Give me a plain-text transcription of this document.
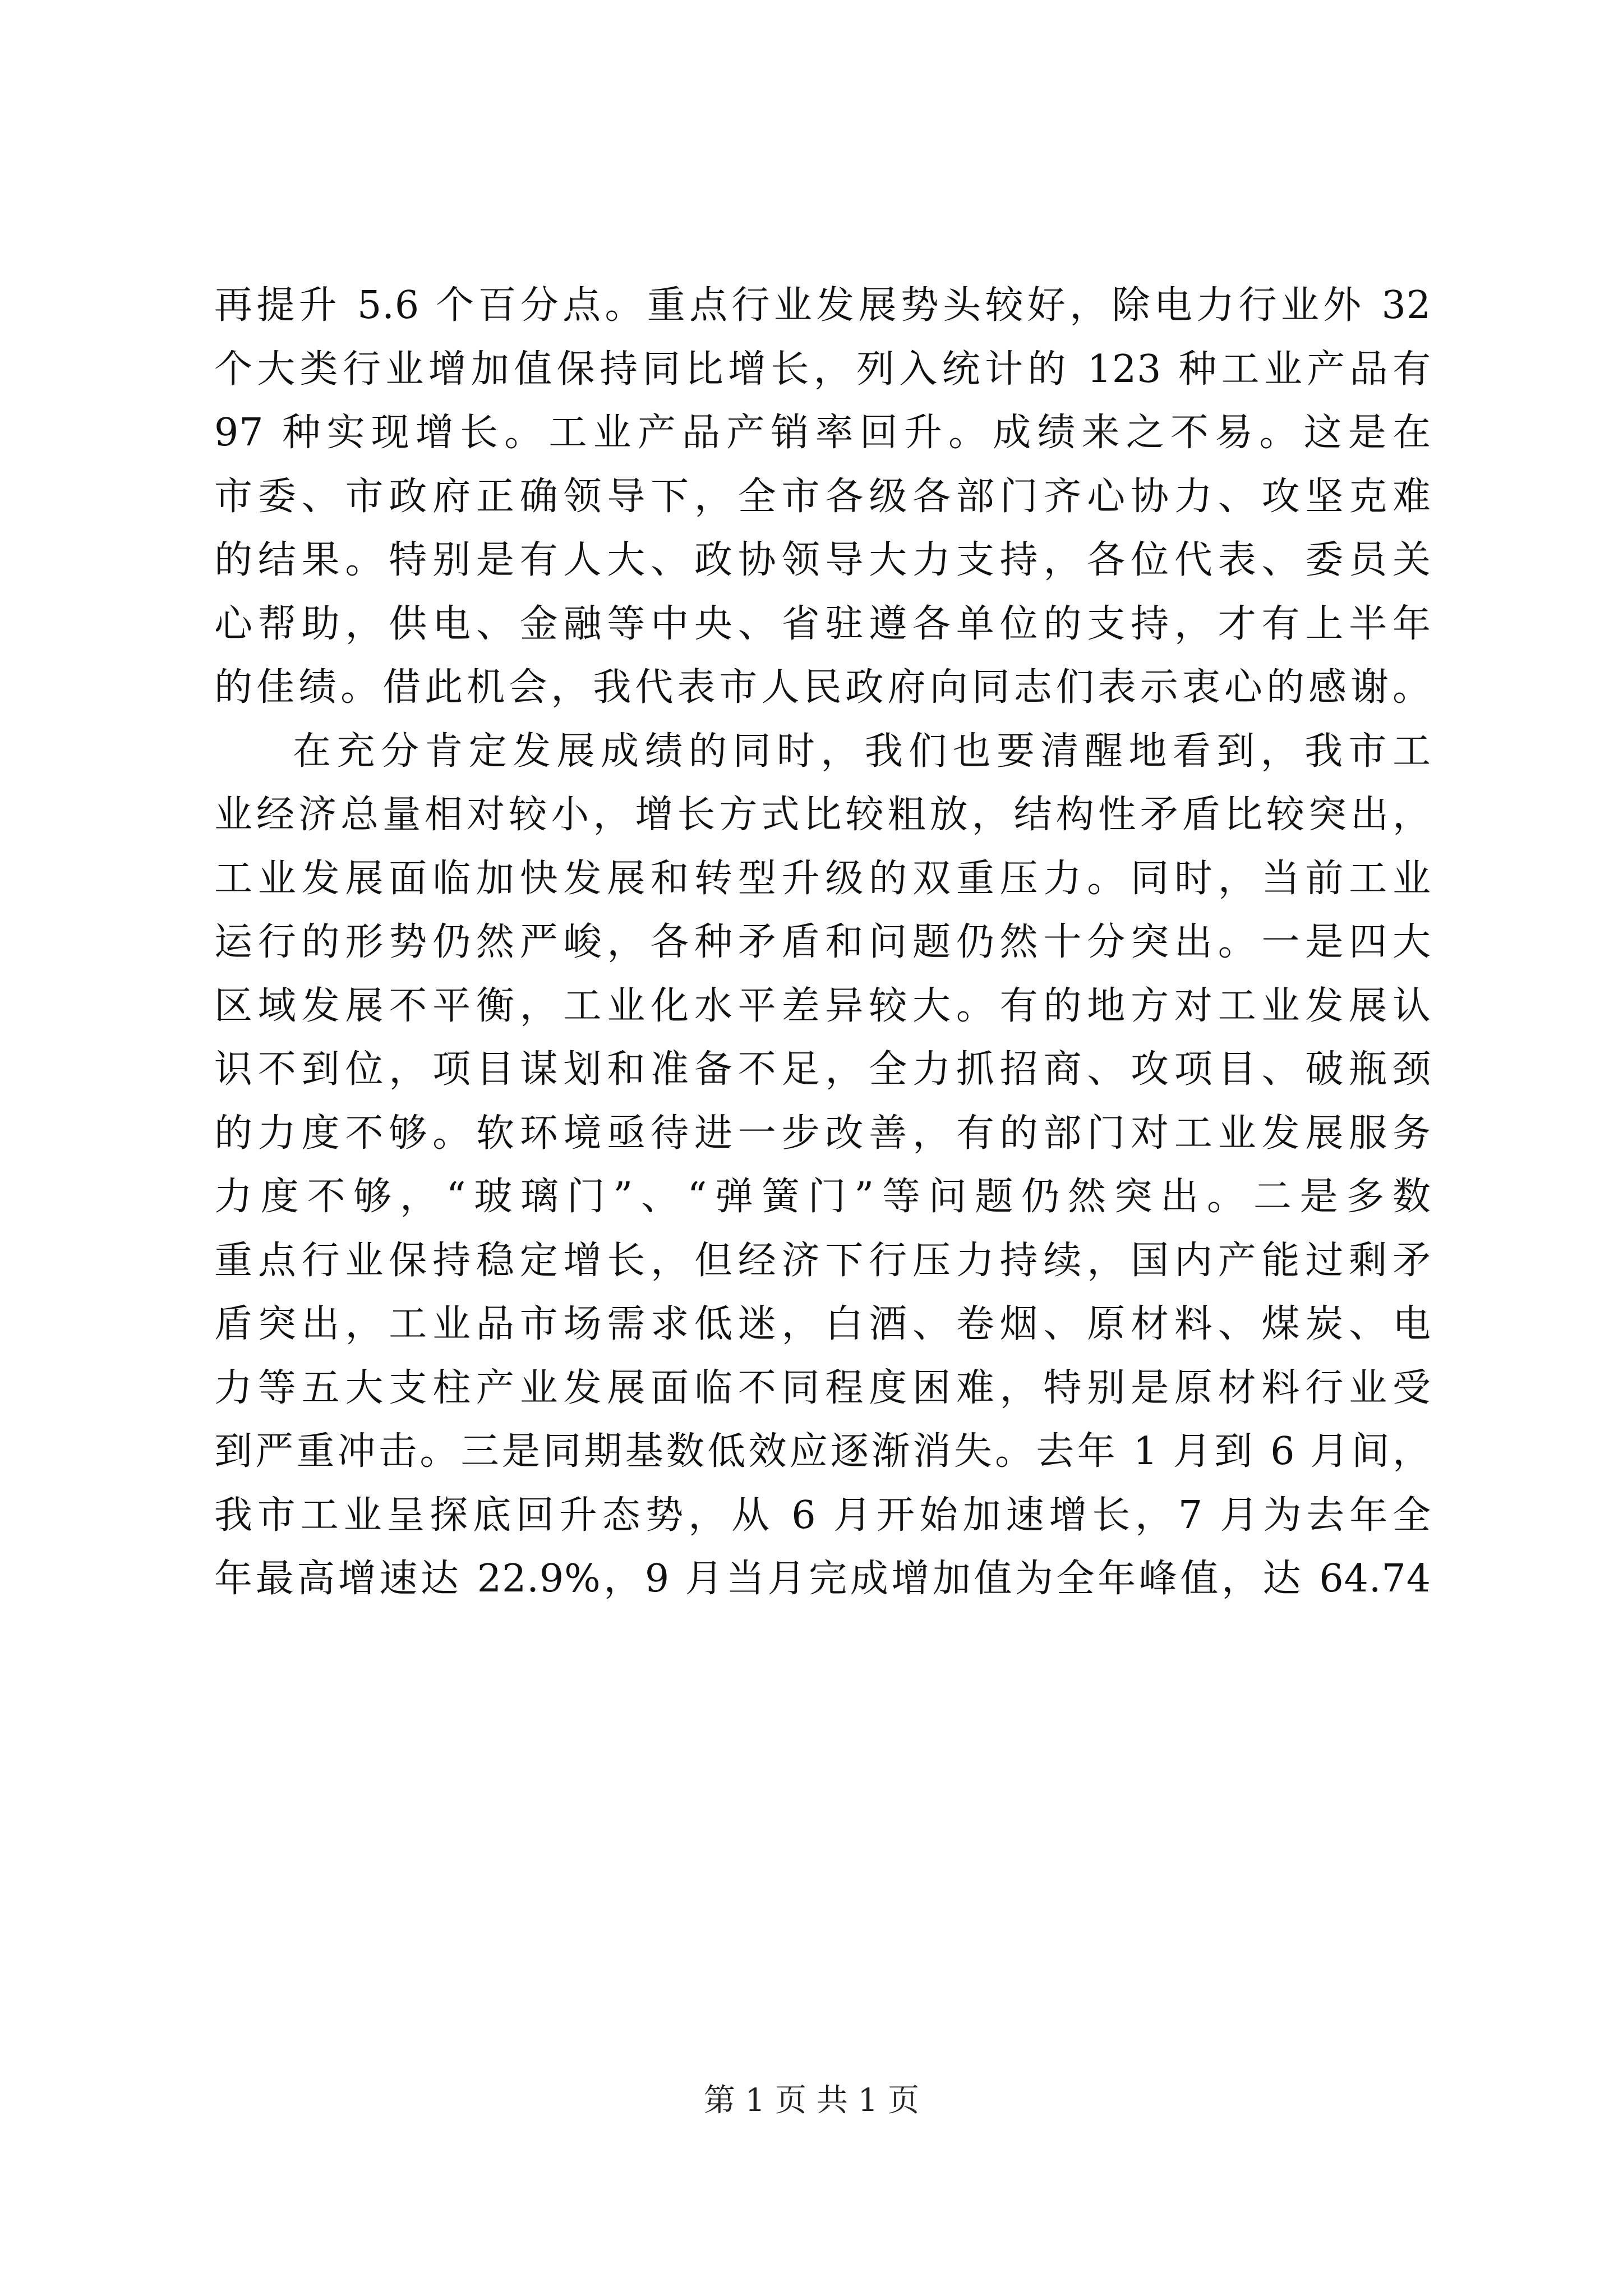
再提升 5.6 个百分点。重点行业发展势头较好，除电力行业外 32
个大类行业增加值保持同比增长，列入统计的 123 种工业产品有
97 种实现增长。工业产品产销率回升。成绩来之不易。这是在
市委、市政府正确领导下，全市各级各部门齐心协力、攻坚克难
的结果。特别是有人大、政协领导大力支持，各位代表、委员关
心帮助，供电、金融等中央、省驻遵各单位的支持，才有上半年
的佳绩。借此机会，我代表市人民政府向同志们表示衷心的感谢。
在充分肯定发展成绩的同时，我们也要清醒地看到，我市工
业经济总量相对较小，增长方式比较粗放，结构性矛盾比较突出，
工业发展面临加快发展和转型升级的双重压力。同时，当前工业
运行的形势仍然严峻，各种矛盾和问题仍然十分突出。一是四大
区域发展不平衡，工业化水平差异较大。有的地方对工业发展认
识不到位，项目谋划和准备不足，全力抓招商、攻项目、破瓶颈
的力度不够。软环境亟待进一步改善，有的部门对工业发展服务
力度不够，“玻璃门”、“弹簧门”等问题仍然突出。二是多数
重点行业保持稳定增长，但经济下行压力持续，国内产能过剩矛
盾突出，工业品市场需求低迷，白酒、卷烟、原材料、煤炭、电
力等五大支柱产业发展面临不同程度困难，特别是原材料行业受
到严重冲击。三是同期基数低效应逐渐消失。去年 1 月到 6 月间，
我市工业呈探底回升态势，从 6 月开始加速增长，7 月为去年全
年最高增速达 22.9%，9 月当月完成增加值为全年峰值，达 64.74
第 1 页 共 1 页
